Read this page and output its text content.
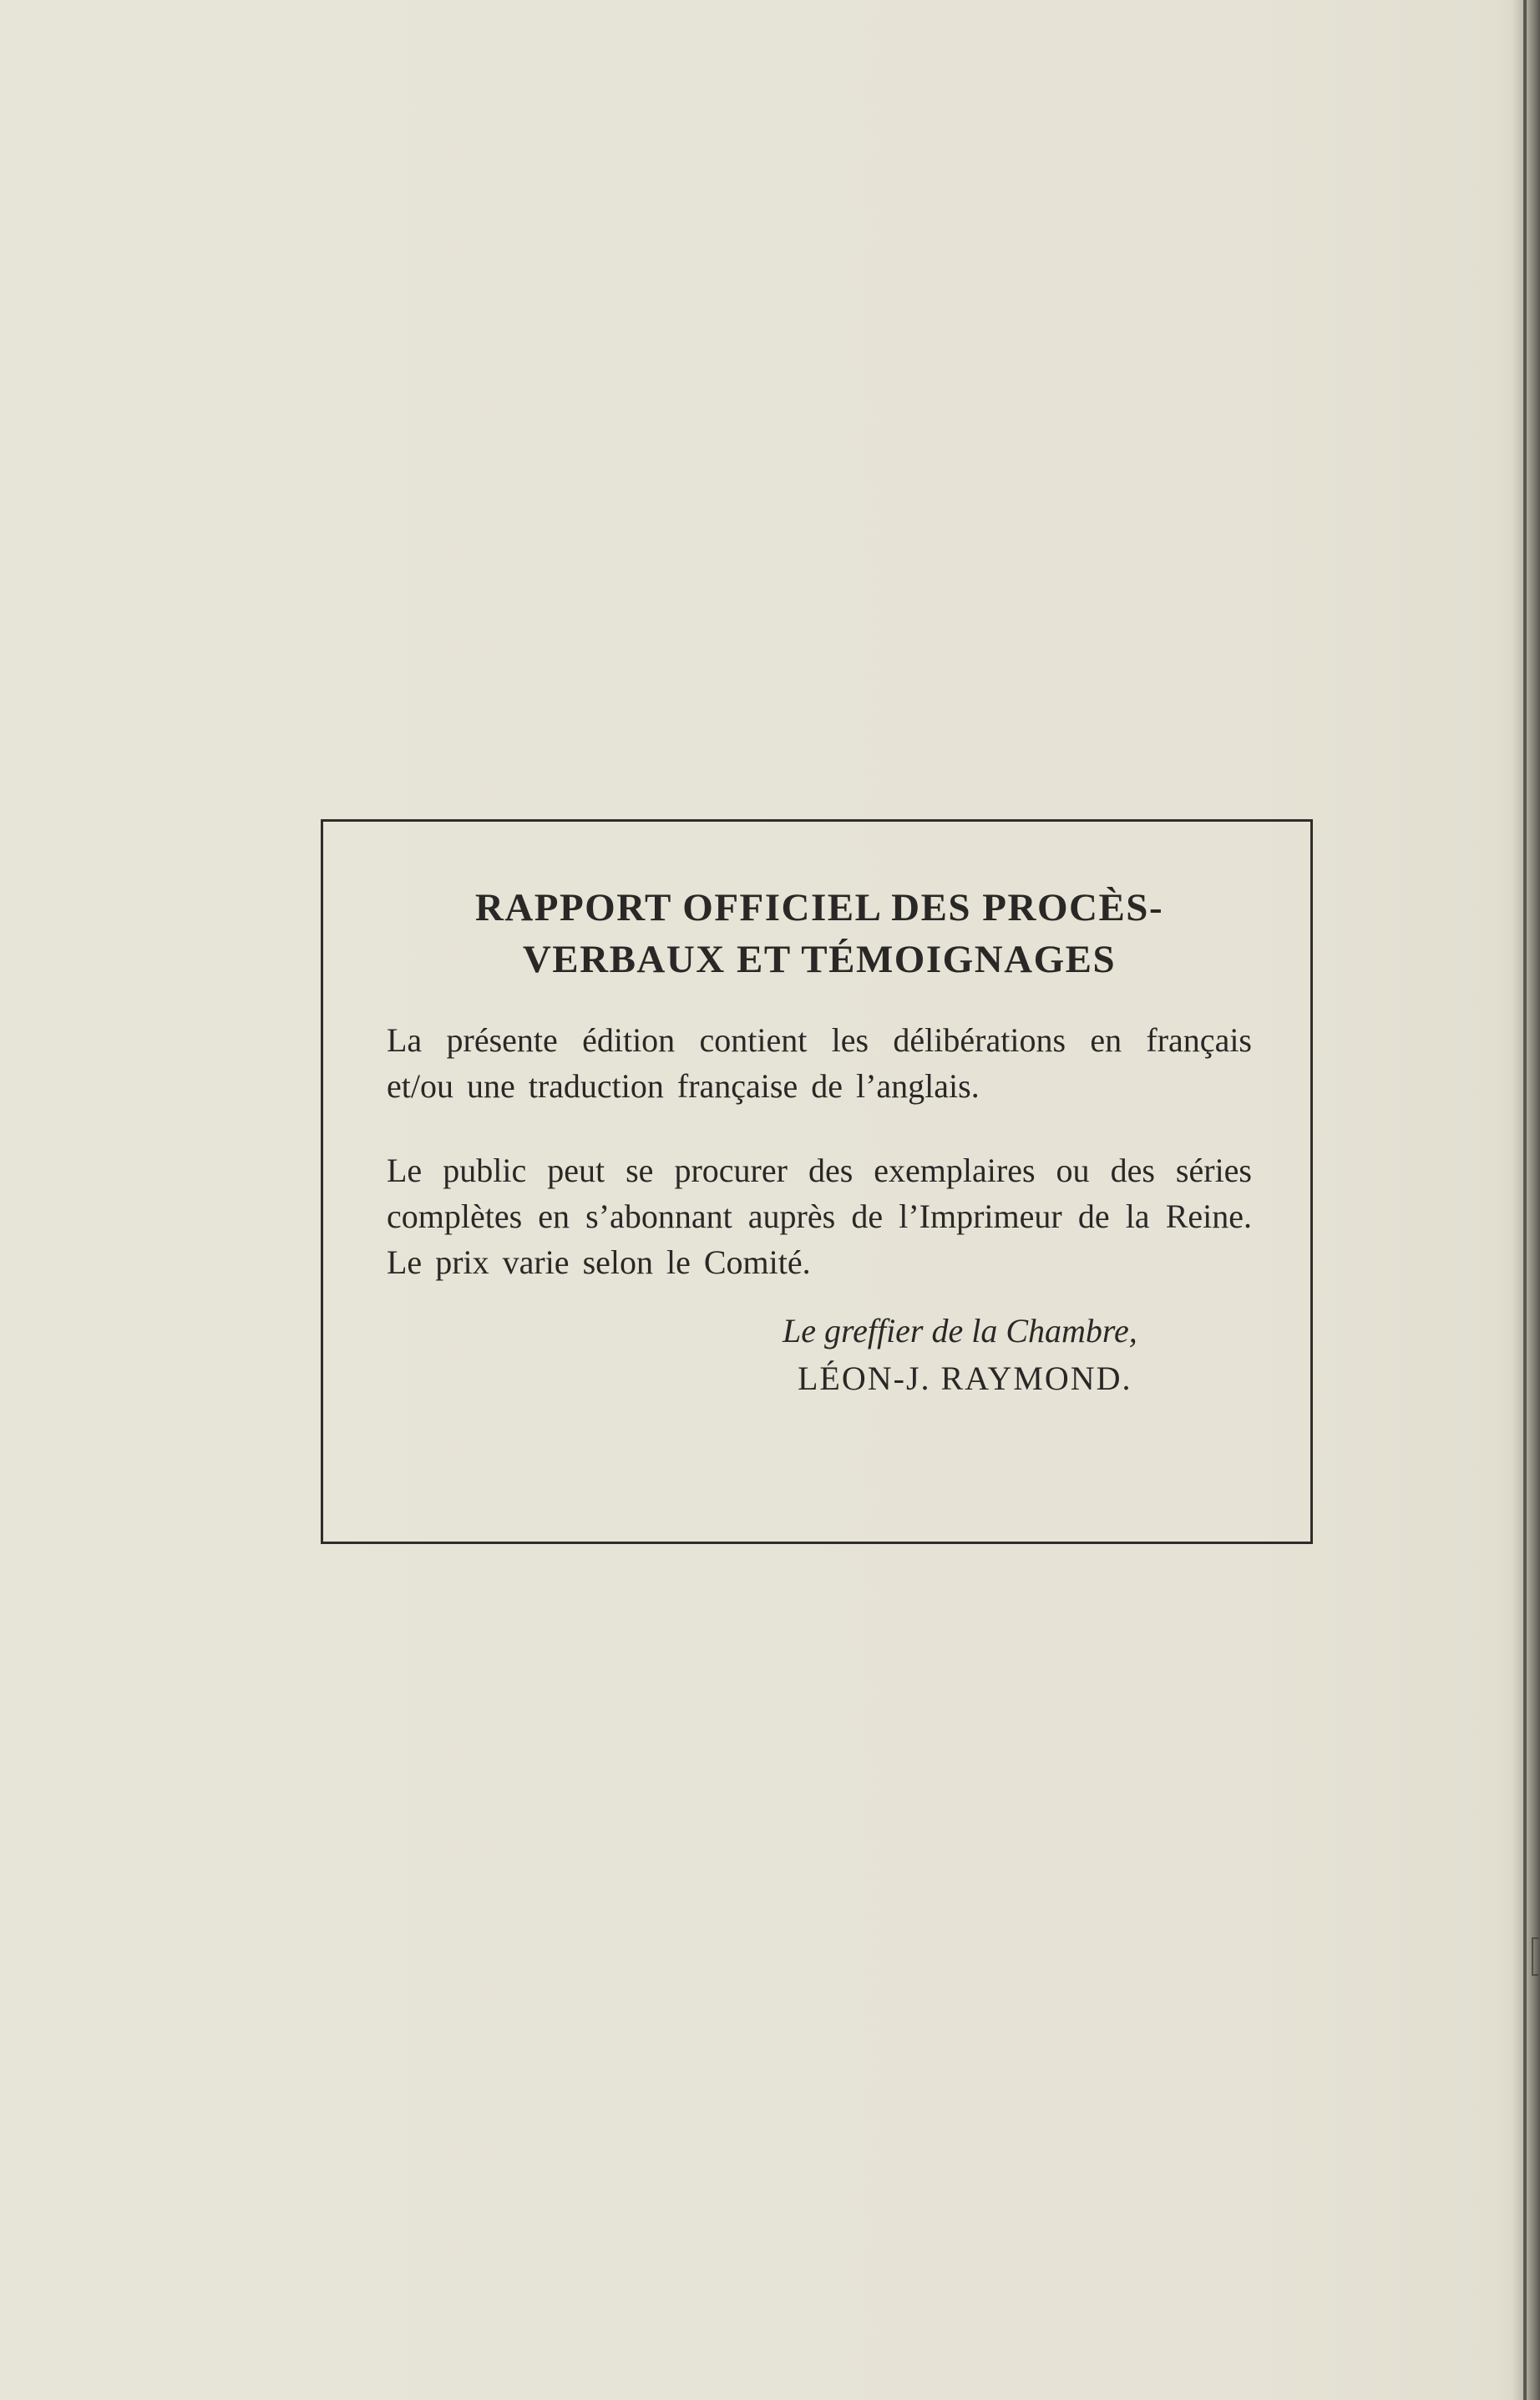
RAPPORT OFFICIEL DES PROCÈS-
VERBAUX ET TÉMOIGNAGES

La présente édition contient les délibérations en français et/ou une traduction française de l’anglais.

Le public peut se procurer des exemplaires ou des séries complètes en s’abonnant auprès de l’Imprimeur de la Reine. Le prix varie selon le Comité.

Le greffier de la Chambre,
LÉON-J. RAYMOND.
